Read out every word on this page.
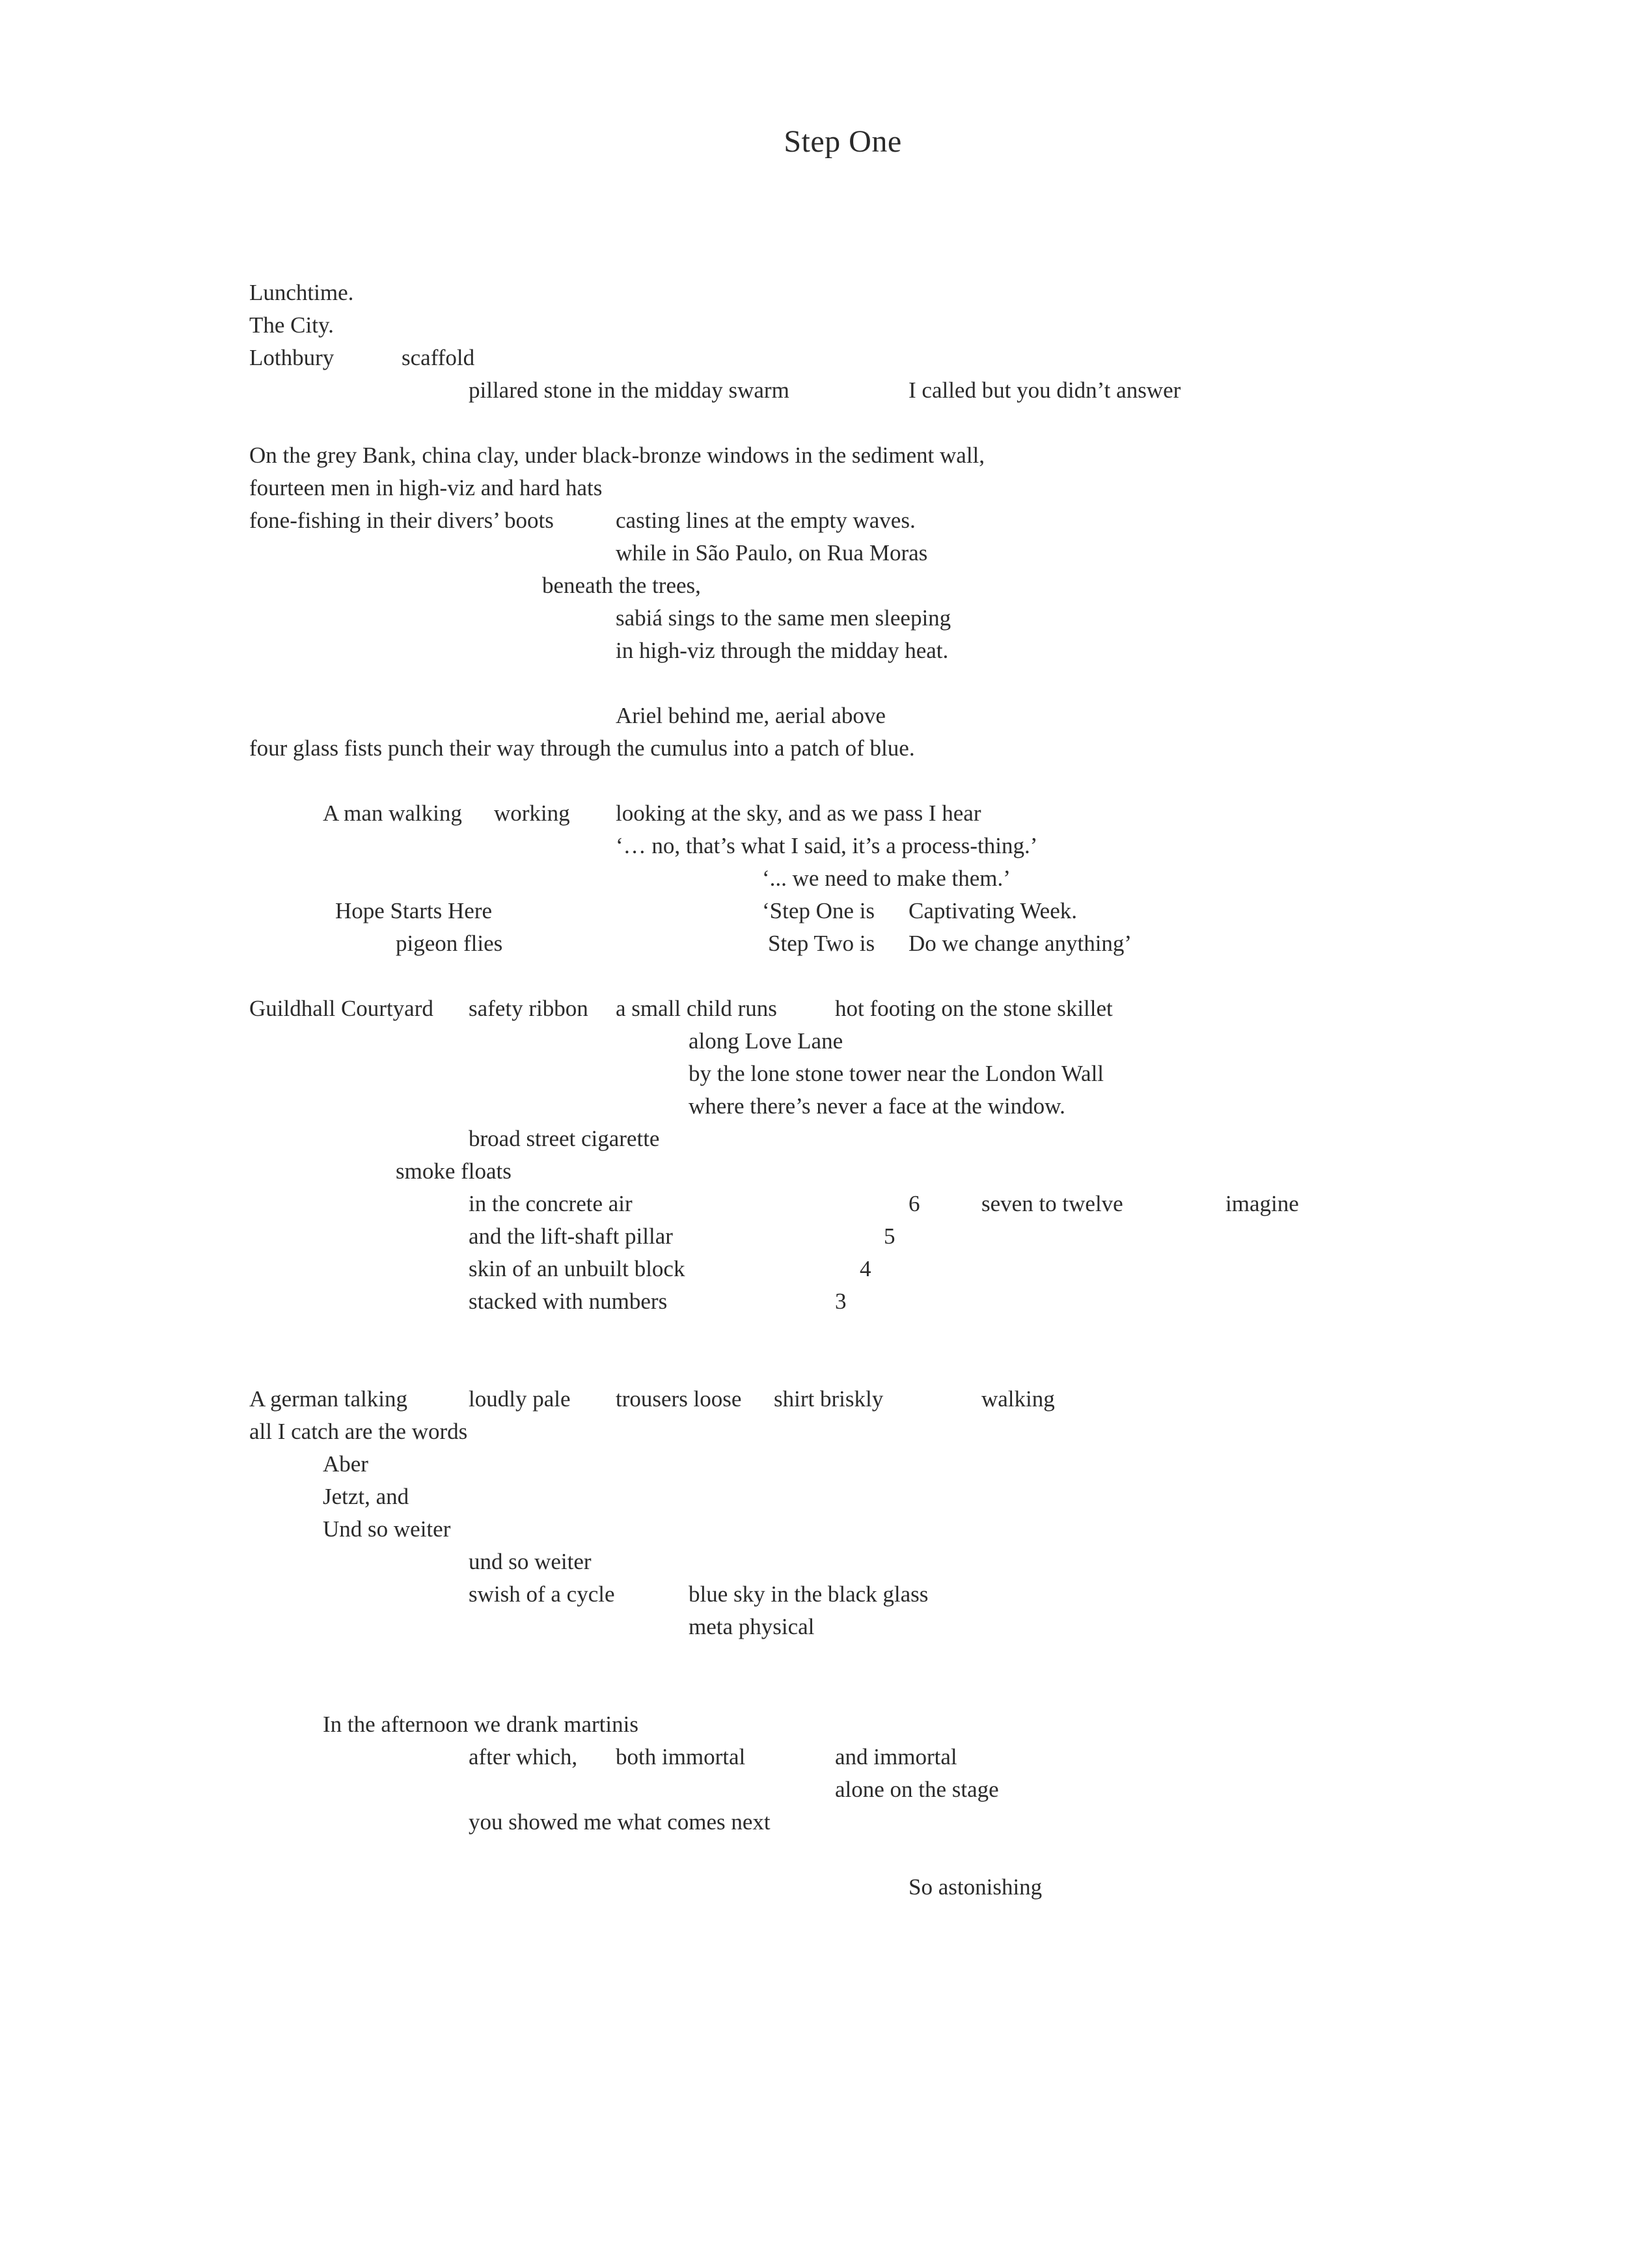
Step One
Lunchtime.
The City.
Lothbury	scaffold
pillared stone in the midday swarm	I called but you didn’t answer
On the grey Bank, china clay, under black-bronze windows in the sediment wall,
fourteen men in high-viz and hard hats
fone-fishing in their divers’ boots	casting lines at the empty waves.
while in São Paulo, on Rua Moras
beneath the trees,
sabiá sings to the same men sleeping
in high-viz through the midday heat.
Ariel behind me, aerial above
four glass fists punch their way through the cumulus into a patch of blue.
A man walking working looking at the sky, and as we pass I hear
‘… no, that’s what I said, it’s a process-thing.’
‘... we need to make them.’
Hope Starts Here	‘Step One is Captivating Week.
pigeon flies	Step Two is Do we change anything’
Guildhall Courtyard safety ribbon a small child runs	hot footing on the stone skillet
along Love Lane
by the lone stone tower near the London Wall
where there’s never a face at the window.
broad street cigarette
smoke floats
in the concrete air	6	seven to twelve	imagine
and the lift-shaft pillar	5
skin of an unbuilt block	4
stacked with numbers	3
A german talking	loudly pale trousers loose shirt briskly	walking
all I catch are the words
Aber
Jetzt, and
Und so weiter
und so weiter
swish of a cycle	blue sky in the black glass
meta physical
In the afternoon we drank martinis
after which, both immortal	and immortal
alone on the stage
you showed me what comes next
So astonishing
